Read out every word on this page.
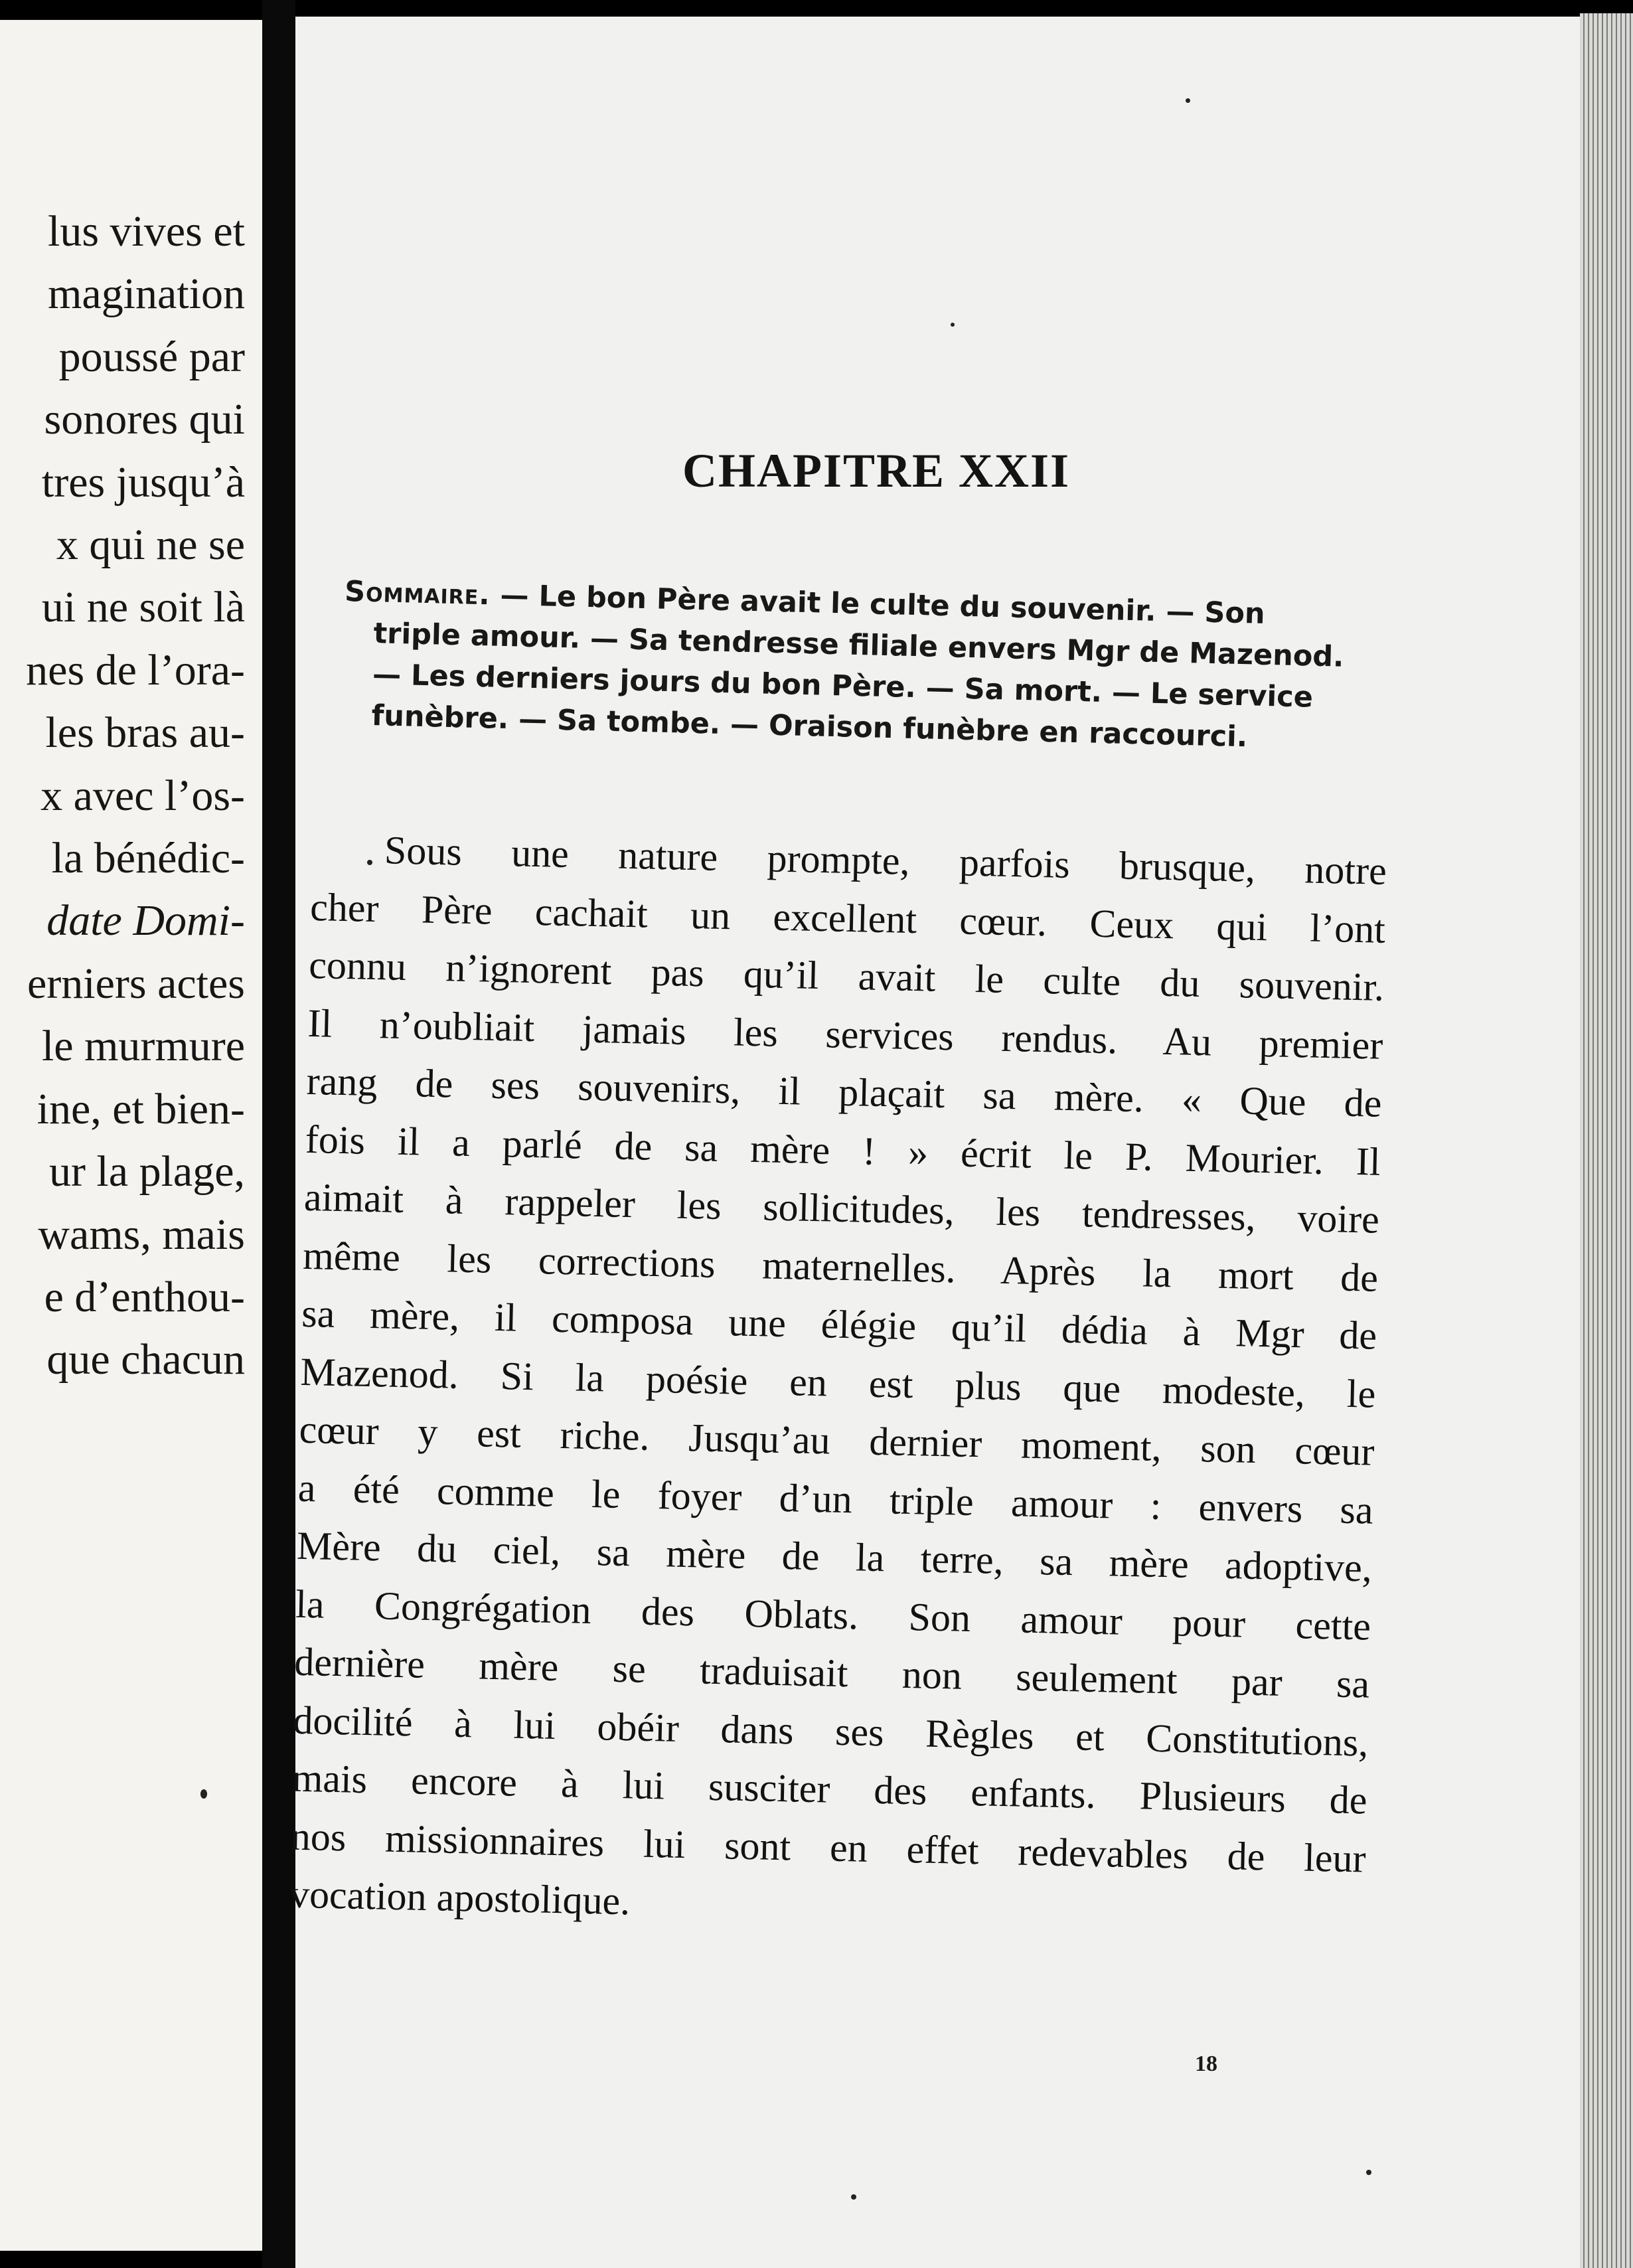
lus vives et
magination
poussé par
sonores qui
tres jusqu’à
x qui ne se
ui ne soit là
nes de l’ora-
les bras au-
x avec l’os-
la bénédic-
date Domi-
erniers actes
le murmure
ine, et bien-
ur la plage,
wams, mais
e d’enthou-
que chacun
CHAPITRE XXII
Sommaire. — Le bon Père avait le culte du souvenir. — Son
triple amour. — Sa tendresse filiale envers Mgr de Mazenod.
— Les derniers jours du bon Père. — Sa mort. — Le service
funèbre. — Sa tombe. — Oraison funèbre en raccourci.
Sous une nature prompte, parfois brusque, notre
cher Père cachait un excellent cœur. Ceux qui l’ont
connu n’ignorent pas qu’il avait le culte du souvenir.
Il n’oubliait jamais les services rendus. Au premier
rang de ses souvenirs, il plaçait sa mère. « Que de
fois il a parlé de sa mère ! » écrit le P. Mourier. Il
aimait à rappeler les sollicitudes, les tendresses, voire
même les corrections maternelles. Après la mort de
sa mère, il composa une élégie qu’il dédia à Mgr de
Mazenod. Si la poésie en est plus que modeste, le
cœur y est riche. Jusqu’au dernier moment, son cœur
a été comme le foyer d’un triple amour : envers sa
Mère du ciel, sa mère de la terre, sa mère adoptive,
la Congrégation des Oblats. Son amour pour cette
dernière mère se traduisait non seulement par sa
docilité à lui obéir dans ses Règles et Constitutions,
mais encore à lui susciter des enfants. Plusieurs de
nos missionnaires lui sont en effet redevables de leur
vocation apostolique.
18
